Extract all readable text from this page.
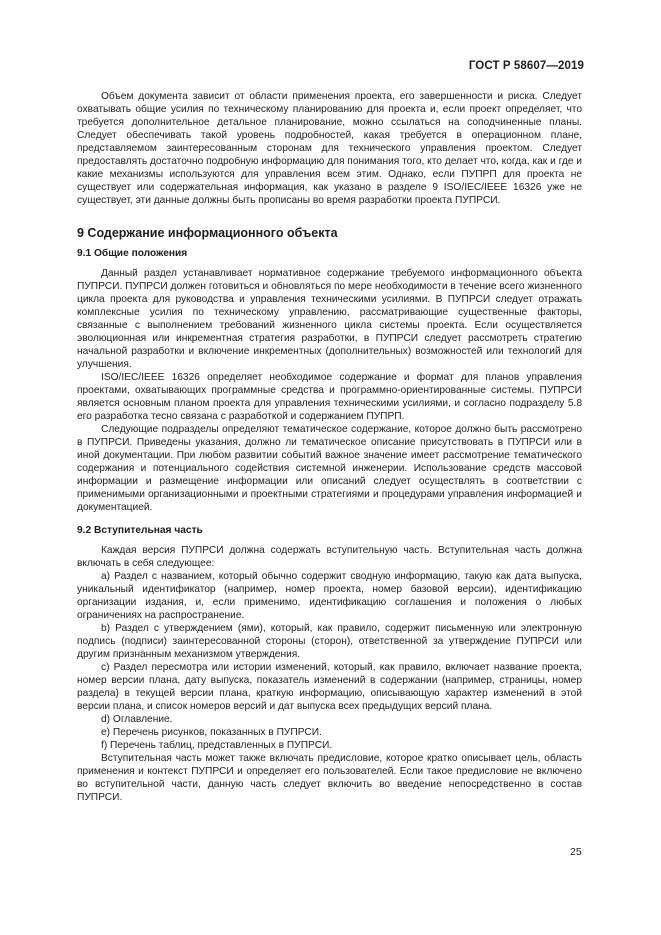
ГОСТ Р 58607—2019

Объем документа зависит от области применения проекта, его завершенности и риска. Следует охватывать общие усилия по техническому планированию для проекта и, если проект определяет, что требуется дополнительное детальное планирование, можно ссылаться на соподчиненные планы. Следует обеспечивать такой уровень подробностей, какая требуется в операционном плане, представляемом заинтересованным сторонам для технического управления проектом. Следует предоставлять достаточно подробную информацию для понимания того, кто делает что, когда, как и где и какие механизмы используются для управления всем этим. Однако, если ПУПРП для проекта не существует или содержательная информация, как указано в разделе 9 ISO/IEC/IEEE 16326 уже не существует, эти данные должны быть прописаны во время разработки проекта ПУПРСИ.

9 Содержание информационного объекта
9.1 Общие положения

Данный раздел устанавливает нормативное содержание требуемого информационного объекта ПУПРСИ. ПУПРСИ должен готовиться и обновляться по мере необходимости в течение всего жизненного цикла проекта для руководства и управления техническими усилиями. В ПУПРСИ следует отражать комплексные усилия по техническому управлению, рассматривающие существенные факторы, связанные с выполнением требований жизненного цикла системы проекта. Если осуществляется эволюционная или инкрементная стратегия разработки, в ПУПРСИ следует рассмотреть стратегию начальной разработки и включение инкрементных (дополнительных) возможностей или технологий для улучшения.

ISO/IEC/IEEE 16326 определяет необходимое содержание и формат для планов управления проектами, охватывающих программные средства и программно-ориентированные системы. ПУПРСИ является основным планом проекта для управления техническими усилиями, и согласно подразделу 5.8 его разработка тесно связана с разработкой и содержанием ПУПРП.

Следующие подразделы определяют тематическое содержание, которое должно быть рассмотрено в ПУПРСИ. Приведены указания, должно ли тематическое описание присутствовать в ПУПРСИ или в иной документации. При любом развитии событий важное значение имеет рассмотрение тематического содержания и потенциального содействия системной инженерии. Использование средств массовой информации и размещение информации или описаний следует осуществлять в соответствии с применимыми организационными и проектными стратегиями и процедурами управления информацией и документацией.

9.2 Вступительная часть

Каждая версия ПУПРСИ должна содержать вступительную часть. Вступительная часть должна включать в себя следующее:

а) Раздел с названием, который обычно содержит сводную информацию, такую как дата выпуска, уникальный идентификатор (например, номер проекта, номер базовой версии), идентификацию организации издания, и, если применимо, идентификацию соглашения и положения о любых ограничениях на распространение.

b) Раздел с утверждением (ями), который, как правило, содержит письменную или электронную подпись (подписи) заинтересованной стороны (сторон), ответственной за утверждение ПУПРСИ или другим признанным механизмом утверждения.

с) Раздел пересмотра или истории изменений, который, как правило, включает название проекта, номер версии плана, дату выпуска, показатель изменений в содержании (например, страницы, номер раздела) в текущей версии плана, краткую информацию, описывающую характер изменений в этой версии плана, и список номеров версий и дат выпуска всех предыдущих версий плана.

d) Оглавление.

е) Перечень рисунков, показанных в ПУПРСИ.

f) Перечень таблиц, представленных в ПУПРСИ.

Вступительная часть может также включать предисловие, которое кратко описывает цель, область применения и контекст ПУПРСИ и определяет его пользователей. Если такое предисловие не включено во вступительной части, данную часть следует включить во введение непосредственно в состав ПУПРСИ.

25
